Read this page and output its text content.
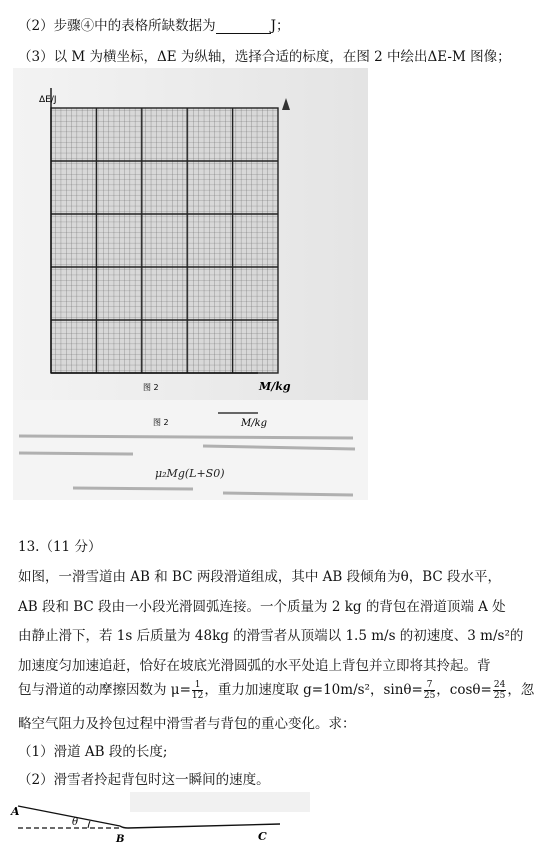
（2）步骤④中的表格所缺数据为	J；
（3）以 M 为横坐标，ΔE 为纵轴，选择合适的标度，在图 2 中绘出ΔE-M 图像；
ΔE/J
M/kg
图 2
图 2	M/kg
μ₂Mg(L+S0)
13.（11 分）
如图，一滑雪道由 AB 和 BC 两段滑道组成，其中 AB 段倾角为θ，BC 段水平，
AB 段和 BC 段由一小段光滑圆弧连接。一个质量为 2 kg 的背包在滑道顶端 A 处
由静止滑下，若 1s 后质量为 48kg 的滑雪者从顶端以 1.5 m/s 的初速度、3 m/s²的
加速度匀加速追赶，恰好在坡底光滑圆弧的水平处追上背包并立即将其拎起。背
包与滑道的动摩擦因数为 $\mu= \frac{1}{12}$ ，重力加速度取 g=10m/s²，$\sin\theta= \frac{7}{25}$ ，$\cos\theta= \frac{24}{25}$ ，忽
略空气阻力及拎包过程中滑雪者与背包的重心变化。求：
（1）滑道 AB 段的长度;
（2）滑雪者拎起背包时这一瞬间的速度。
A
θ
B	C
